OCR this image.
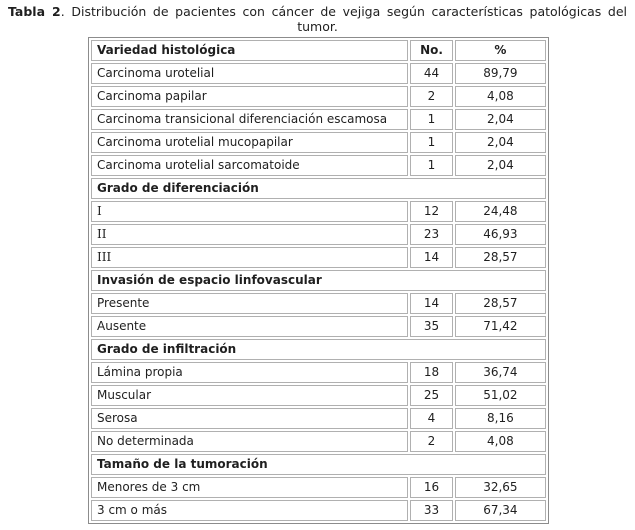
Tabla 2. Distribución de pacientes con cáncer de vejiga según características patológicas del tumor.
Variedad histológica	No.	%
Carcinoma urotelial	44	89,79
Carcinoma papilar	2	4,08
Carcinoma transicional diferenciación escamosa	1	2,04
Carcinoma urotelial mucopapilar	1	2,04
Carcinoma urotelial sarcomatoide	1	2,04
Grado de diferenciación		
I	12	24,48
II	23	46,93
III	14	28,57
Invasión de espacio linfovascular		
Presente	14	28,57
Ausente	35	71,42
Grado de infiltración		
Lámina propia	18	36,74
Muscular	25	51,02
Serosa	4	8,16
No determinada	2	4,08
Tamaño de la tumoración		
Menores de 3 cm	16	32,65
3 cm o más	33	67,34
